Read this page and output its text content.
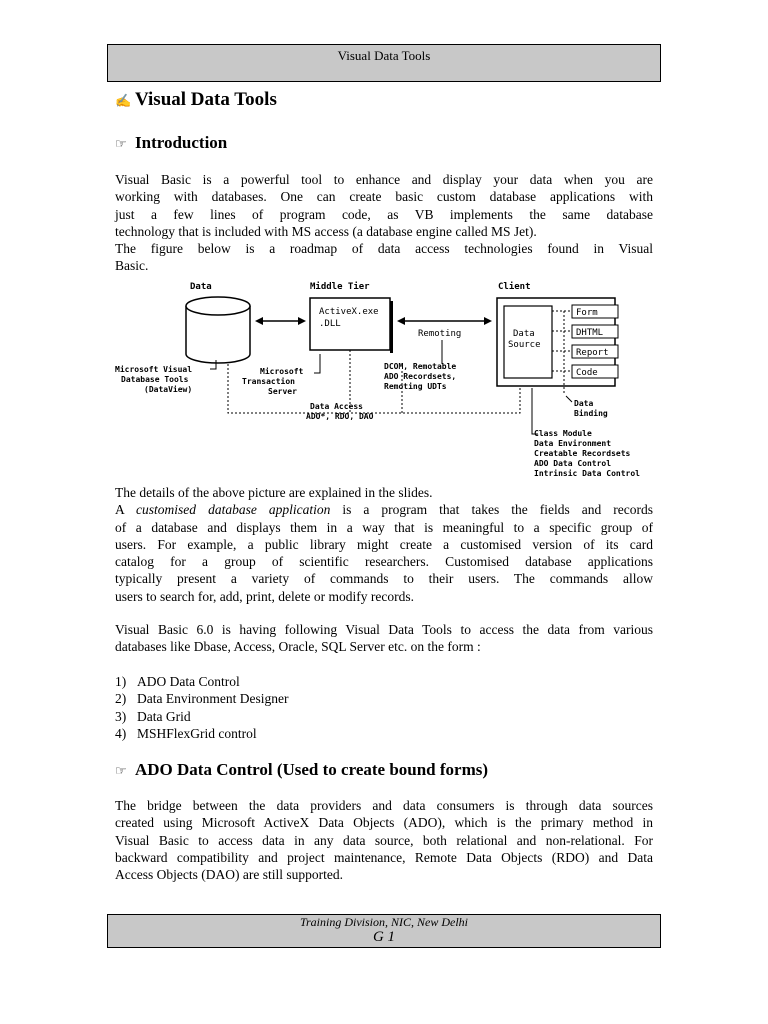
Visual Data Tools
✍ Visual Data Tools
☞ Introduction
Visual Basic is a powerful tool to enhance and display your data when you are
working with databases. One can create basic custom database applications with
just a few lines of program code, as VB implements the same database
technology that is included with MS access (a database engine called MS Jet).
The figure below is a roadmap of data access technologies found in Visual
Basic.
Data	Middle Tier	Client
ActiveX.exe
.DLL
Remoting	Data
Source
Form
DHTML
Report
Code
Microsoft Visual
Database Tools
(DataView)
Microsoft
Transaction
Server
DCOM, Remotable
ADO Recordsets,
Remoting UDTs
Data Access
ADO*, RDO, DAO
Data
Binding
Class Module
Data Environment
Creatable Recordsets
ADO Data Control
Intrinsic Data Control
The details of the above picture are explained in the slides.
A customised database application is a program that takes the fields and records
of a database and displays them in a way that is meaningful to a specific group of
users. For example, a public library might create a customised version of its card
catalog for a group of scientific researchers. Customised database applications
typically present a variety of commands to their users. The commands allow
users to search for, add, print, delete or modify records.
Visual Basic 6.0 is having following Visual Data Tools to access the data from various
databases like Dbase, Access, Oracle, SQL Server etc. on the form :
1) ADO Data Control
2) Data Environment Designer
3) Data Grid
4) MSHFlexGrid control
☞ ADO Data Control (Used to create bound forms)
The bridge between the data providers and data consumers is through data sources
created using Microsoft ActiveX Data Objects (ADO), which is the primary method in
Visual Basic to access data in any data source, both relational and non-relational. For
backward compatibility and project maintenance, Remote Data Objects (RDO) and Data
Access Objects (DAO) are still supported.
Training Division, NIC, New Delhi
G 1
